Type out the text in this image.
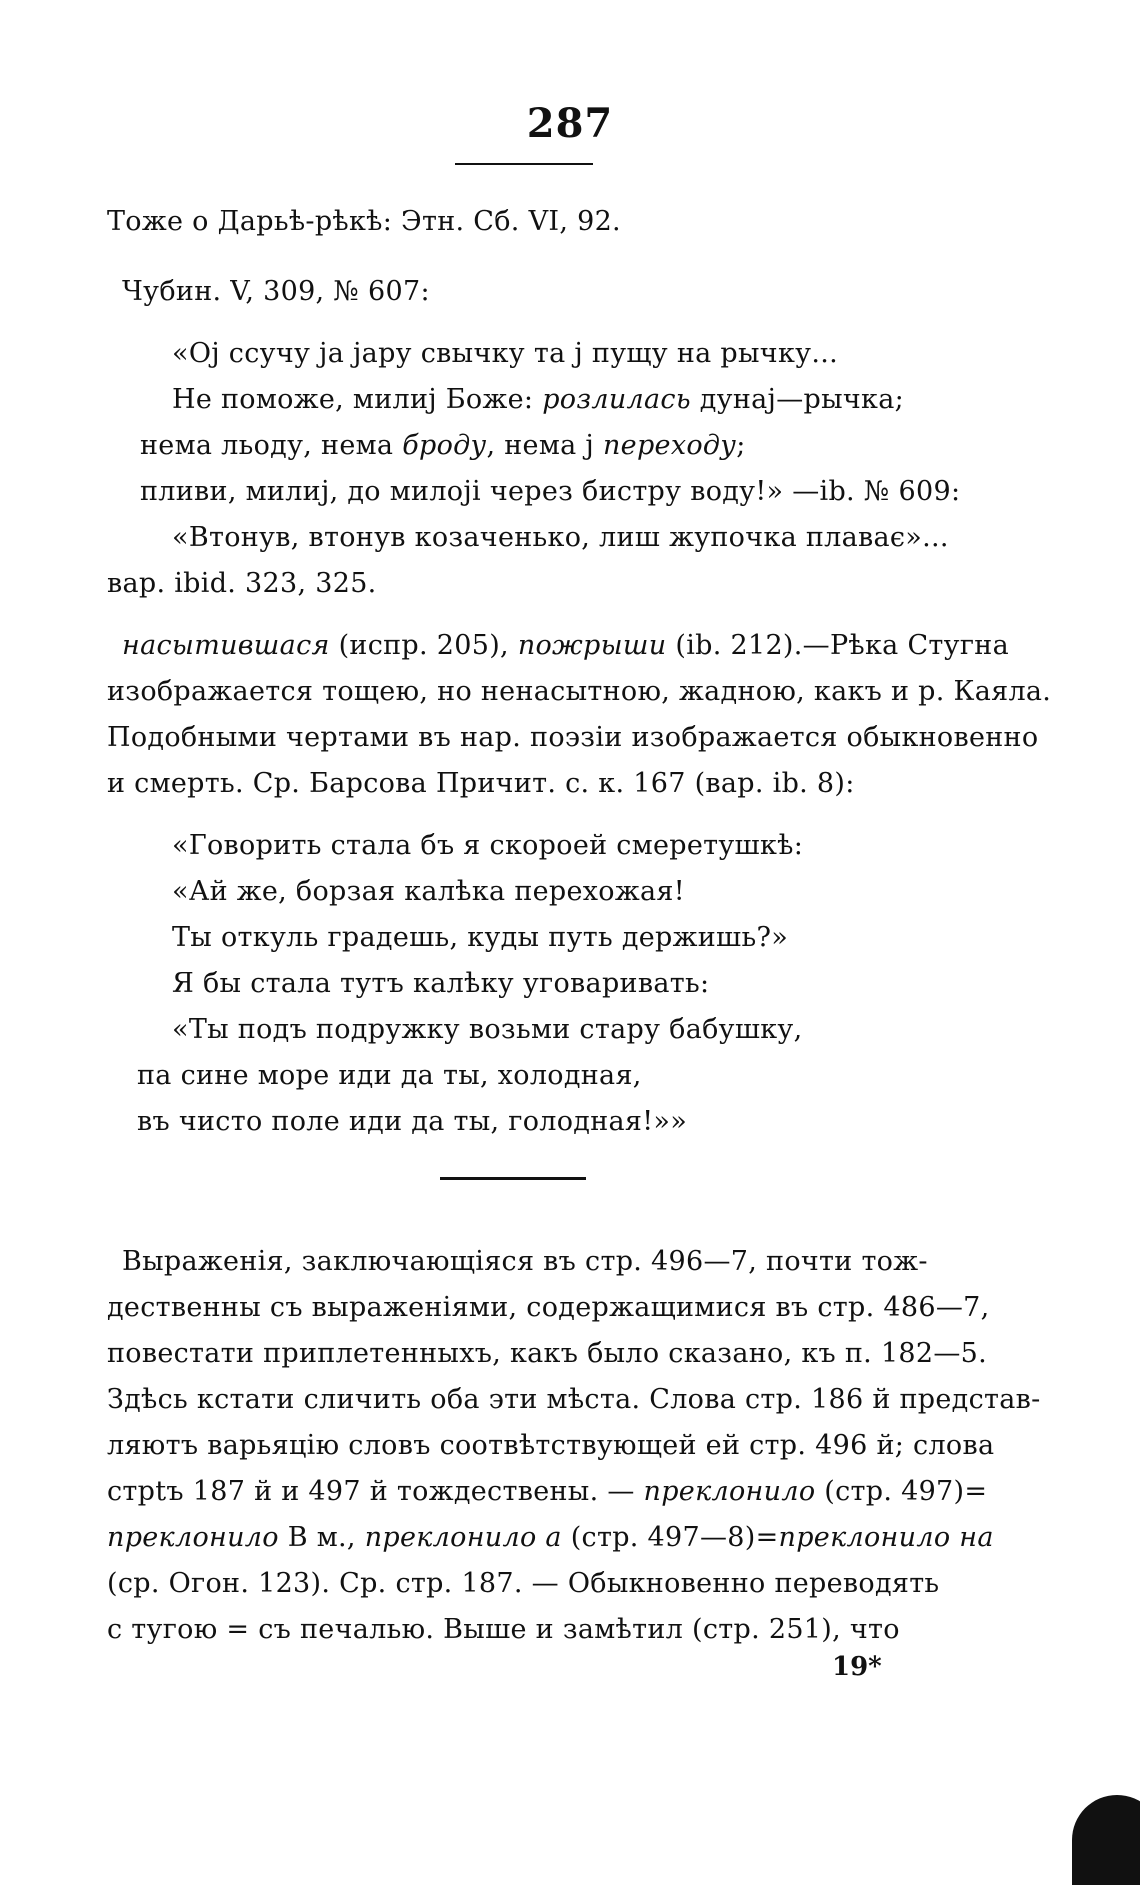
287
Тоже о Дарьѣ-рѣкѣ: Этн. Сб. VI, 92.
Чубин. V, 309, № 607:
«Ој ссучу ја јару свычку та ј пущу на рычку...
Не поможе, милиј Боже: розлилась дунај—рычка;
нема льоду, нема броду, нема ј переходу;
пливи, милиј, до милоjі через бистру воду!» —ib. № 609:
«Втонув, втонув козаченько, лиш жупочка плаває»...
вар. ibid. 323, 325.
насытившася (испр. 205), пожрыши (ib. 212).—Рѣка Стугна
изображается тощею, но ненасытною, жадною, какъ и р. Каяла.
Подобными чертами въ нар. поэзіи изображается обыкновенно
и смерть. Ср. Барсова Причит. с. к. 167 (вар. ib. 8):
«Говорить стала бъ я скороей смеретушкѣ:
«Ай же, борзая калѣка перехожая!
Ты откуль градешь, куды путь держишь?»
Я бы стала тутъ калѣку уговаривать:
«Ты подъ подружку возьми стару бабушку,
па сине море иди да ты, холодная,
въ чисто поле иди да ты, голодная!»»
Выраженія, заключающіяся въ стр. 496—7, почти тож-
дественны съ выраженіями, содержащимися въ стр. 486—7,
повестати приплетенныхъ, какъ было сказано, къ п. 182—5.
Здѣсь кстати сличить оба эти мѣста. Слова стр. 186 й представ-
ляютъ варьяцію словъ соотвѣтствующей ей стр. 496 й; слова
стрtъ 187 й и 497 й тождествены. — преклонило (стр. 497)=
преклонило В м., преклонило а (стр. 497—8)=преклонило на
(ср. Огон. 123). Ср. стр. 187. — Обыкновенно переводять
с тугою = съ печалью. Выше и замѣтил (стр. 251), что
19*
